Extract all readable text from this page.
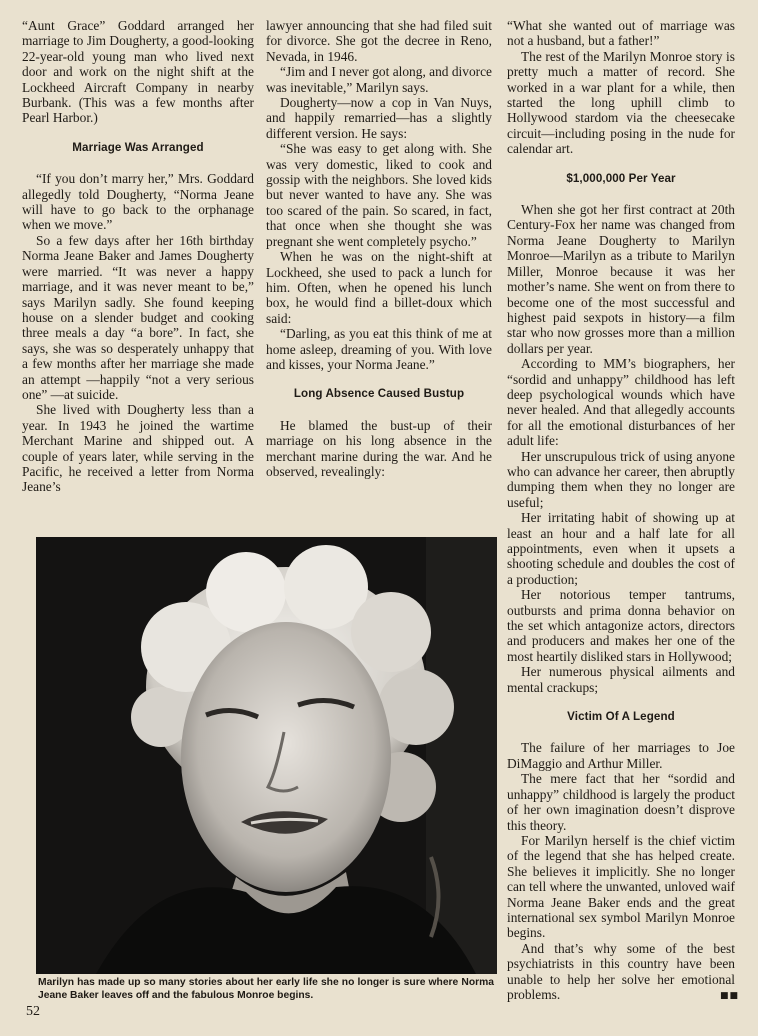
“Aunt Grace” Goddard arranged her marriage to Jim Dougherty, a good-looking 22-year-old young man who lived next door and work on the night shift at the Lockheed Aircraft Company in nearby Burbank. (This was a few months after Pearl Harbor.)

Marriage Was Arranged

“If you don’t marry her,” Mrs. Goddard allegedly told Dougherty, “Norma Jeane will have to go back to the orphanage when we move.”

So a few days after her 16th birthday Norma Jeane Baker and James Dougherty were married. “It was never a happy marriage, and it was never meant to be,” says Marilyn sadly. She found keeping house on a slender budget and cooking three meals a day “a bore”. In fact, she says, she was so desperately unhappy that a few months after her marriage she made an attempt —happily “not a very serious one” —at suicide.

She lived with Dougherty less than a year. In 1943 he joined the wartime Merchant Marine and shipped out. A couple of years later, while serving in the Pacific, he received a letter from Norma Jeane’s

lawyer announcing that she had filed suit for divorce. She got the decree in Reno, Nevada, in 1946.

“Jim and I never got along, and divorce was inevitable,” Marilyn says.

Dougherty—now a cop in Van Nuys, and happily remarried—has a slightly different version. He says:

“She was easy to get along with. She was very domestic, liked to cook and gossip with the neighbors. She loved kids but never wanted to have any. She was too scared of the pain. So scared, in fact, that once when she thought she was pregnant she went completely psycho.”

When he was on the night-shift at Lockheed, she used to pack a lunch for him. Often, when he opened his lunch box, he would find a billet-doux which said:

“Darling, as you eat this think of me at home asleep, dreaming of you. With love and kisses, your Norma Jeane.”

Long Absence Caused Bustup

He blamed the bust-up of their marriage on his long absence in the merchant marine during the war. And he observed, revealingly:

“What she wanted out of marriage was not a husband, but a father!”

The rest of the Marilyn Monroe story is pretty much a matter of record. She worked in a war plant for a while, then started the long uphill climb to Hollywood stardom via the cheesecake circuit—including posing in the nude for calendar art.

$1,000,000 Per Year

When she got her first contract at 20th Century-Fox her name was changed from Norma Jeane Dougherty to Marilyn Monroe—Marilyn as a tribute to Marilyn Miller, Monroe because it was her mother’s name. She went on from there to become one of the most successful and highest paid sexpots in history—a film star who now grosses more than a million dollars per year.

According to MM’s biographers, her “sordid and unhappy” childhood has left deep psychological wounds which have never healed. And that allegedly accounts for all the emotional disturbances of her adult life:

Her unscrupulous trick of using anyone who can advance her career, then abruptly dumping them when they no longer are useful;

Her irritating habit of showing up at least an hour and a half late for all appointments, even when it upsets a shooting schedule and doubles the cost of a production;

Her notorious temper tantrums, outbursts and prima donna behavior on the set which antagonize actors, directors and producers and makes her one of the most heartily disliked stars in Hollywood;

Her numerous physical ailments and mental crackups;

Victim Of A Legend

The failure of her marriages to Joe DiMaggio and Arthur Miller.

The mere fact that her “sordid and unhappy” childhood is largely the product of her own imagination doesn’t disprove this theory.

For Marilyn herself is the chief victim of the legend that she has helped create. She believes it implicitly. She no longer can tell where the unwanted, unloved waif Norma Jeane Baker ends and the great international sex symbol Marilyn Monroe begins.

And that’s why some of the best psychiatrists in this country have been unable to help her solve her emotional problems.

Marilyn has made up so many stories about her early life she no longer is sure where Norma Jeane Baker leaves off and the fabulous Monroe begins.
52
■■
